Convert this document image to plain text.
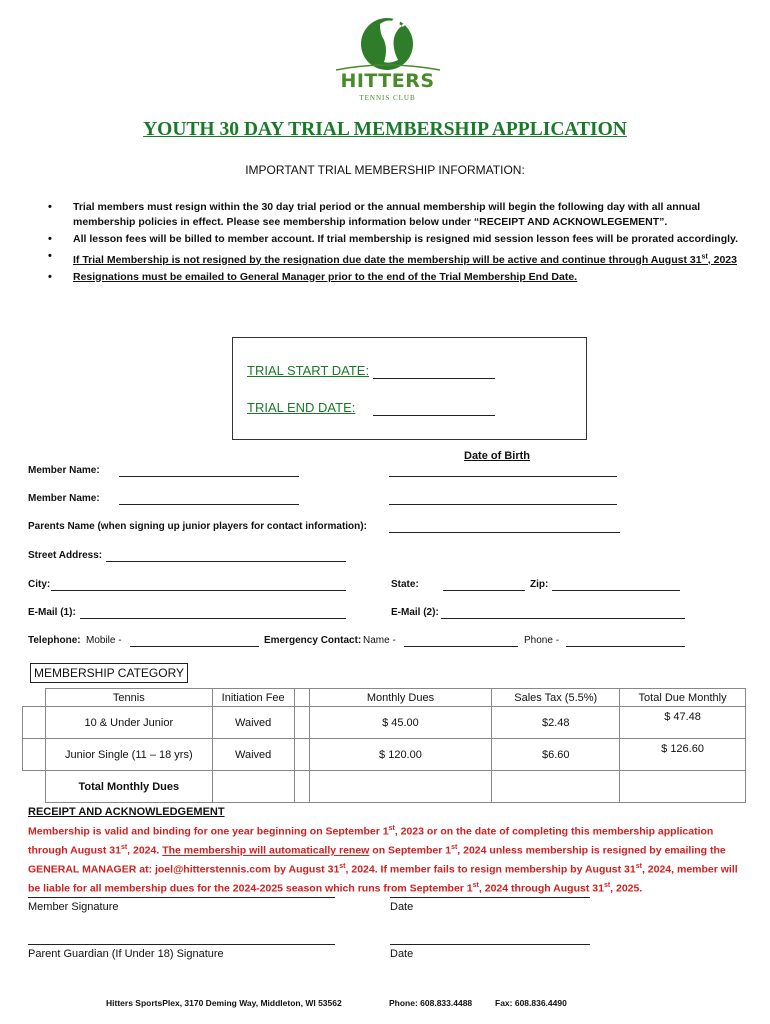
HITTERS
TENNIS CLUB
YOUTH 30 DAY TRIAL MEMBERSHIP APPLICATION
IMPORTANT TRIAL MEMBERSHIP INFORMATION:
• Trial members must resign within the 30 day trial period or the annual membership will begin the following day with all annual membership policies in effect. Please see membership information below under “RECEIPT AND ACKNOWLEGEMENT”.
• All lesson fees will be billed to member account. If trial membership is resigned mid session lesson fees will be prorated accordingly.
• If Trial Membership is not resigned by the resignation due date the membership will be active and continue through August 31st, 2023
• Resignations must be emailed to General Manager prior to the end of the Trial Membership End Date.
TRIAL START DATE:
TRIAL END DATE:
Date of Birth
Member Name:
Member Name:
Parents Name (when signing up junior players for contact information):
Street Address:
City:	State:	Zip:
E-Mail (1):	E-Mail (2):
Telephone: Mobile -	Emergency Contact: Name -	Phone -
MEMBERSHIP CATEGORY
	Tennis	Initiation Fee		Monthly Dues	Sales Tax (5.5%)	Total Due Monthly
	10 & Under Junior	Waived		$ 45.00	$2.48	$ 47.48
	Junior Single (11 – 18 yrs)	Waived		$ 120.00	$6.60	$ 126.60
	Total Monthly Dues					
RECEIPT AND ACKNOWLEDGEMENT
Membership is valid and binding for one year beginning on September 1st, 2023 or on the date of completing this membership application through August 31st, 2024. The membership will automatically renew on September 1st, 2024 unless membership is resigned by emailing the GENERAL MANAGER at: joel@hitterstennis.com by August 31st, 2024. If member fails to resign membership by August 31st, 2024, member will be liable for all membership dues for the 2024-2025 season which runs from September 1st, 2024 through August 31st, 2025.
Member Signature	Date
Parent Guardian (If Under 18) Signature	Date
Hitters SportsPlex, 3170 Deming Way, Middleton, WI 53562	Phone: 608.833.4488	Fax: 608.836.4490
